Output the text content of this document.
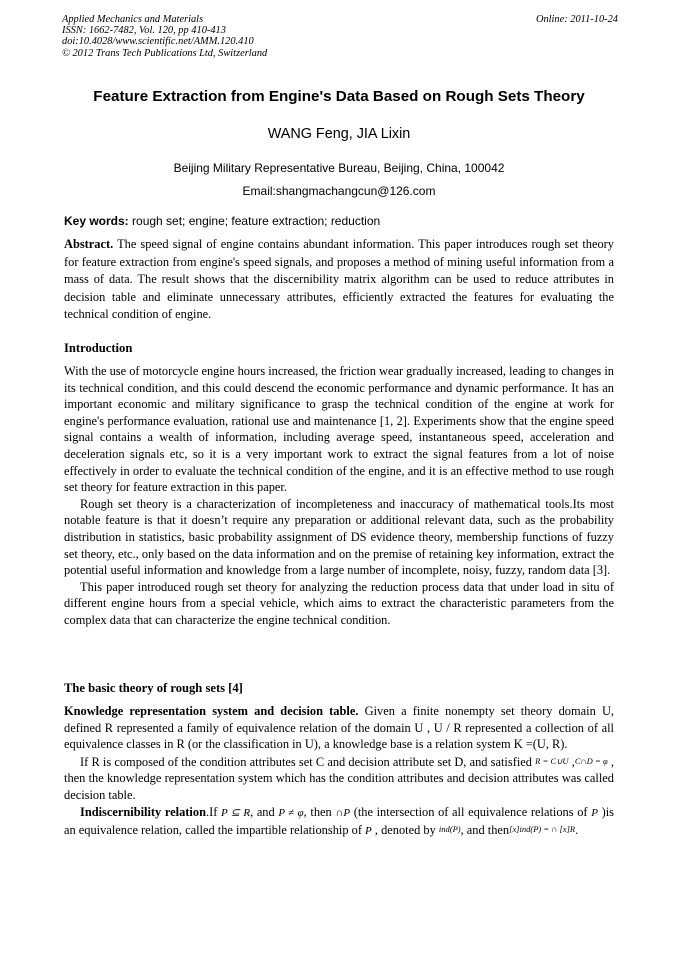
Applied Mechanics and Materials
ISSN: 1662-7482, Vol. 120, pp 410-413
doi:10.4028/www.scientific.net/AMM.120.410
© 2012 Trans Tech Publications Ltd, Switzerland
Online: 2011-10-24
Feature Extraction from Engine's Data Based on Rough Sets Theory
WANG Feng, JIA Lixin
Beijing Military Representative Bureau, Beijing, China, 100042
Email:shangmachangcun@126.com
Key words: rough set; engine; feature extraction; reduction
Abstract. The speed signal of engine contains abundant information. This paper introduces rough set theory for feature extraction from engine's speed signals, and proposes a method of mining useful information from a mass of data. The result shows that the discernibility matrix algorithm can be used to reduce attributes in decision table and eliminate unnecessary attributes, efficiently extracted the features for evaluating the technical condition of engine.
Introduction

With the use of motorcycle engine hours increased, the friction wear gradually increased, leading to changes in its technical condition, and this could descend the economic performance and dynamic performance. It has an important economic and military significance to grasp the technical condition of the engine at work for engine's performance evaluation, rational use and maintenance [1, 2]. Experiments show that the engine speed signal contains a wealth of information, including average speed, instantaneous speed, acceleration and deceleration signals etc, so it is a very important work to extract the signal features from a lot of noise effectively in order to evaluate the technical condition of the engine, and it is an effective method to use rough set theory for feature extraction in this paper.

Rough set theory is a characterization of incompleteness and inaccuracy of mathematical tools.Its most notable feature is that it doesn’t require any preparation or additional relevant data, such as the probability distribution in statistics, basic probability assignment of DS evidence theory, membership functions of fuzzy set theory, etc., only based on the data information and on the premise of retaining key information, extract the potential useful information and knowledge from a large number of incomplete, noisy, fuzzy, random data [3].

This paper introduced rough set theory for analyzing the reduction process data that under load in situ of different engine hours from a special vehicle, which aims to extract the characteristic parameters from the complex data that can characterize the engine technical condition.

The basic theory of rough sets [4]

Knowledge representation system and decision table. Given a finite nonempty set theory domain U, defined R represented a family of equivalence relation of the domain U , U / R represented a collection of all equivalence classes in R (or the classification in U), a knowledge base is a relation system K =(U, R).

If R is composed of the condition attributes set C and decision attribute set D, and satisfied R = C∪U ,C∩D = φ , then the knowledge representation system which has the condition attributes and decision attributes was called decision table.

Indiscernibility relation.If P ⊆ R, and P ≠ φ, then ∩P (the intersection of all equivalence relations of P )is an equivalence relation, called the impartible relationship of P , denoted by ind(P), and then[x]ind(P) = ∩ [x]R.
